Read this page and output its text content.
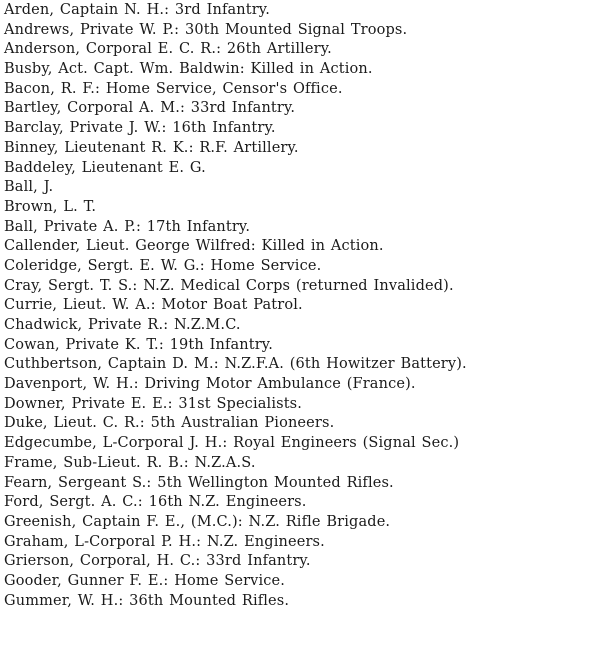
Arden, Captain N. H.: 3rd Infantry.
Andrews, Private W. P.: 30th Mounted Signal Troops.
Anderson, Corporal E. C. R.: 26th Artillery.
Busby, Act. Capt. Wm. Baldwin: Killed in Action.
Bacon, R. F.: Home Service, Censor's Office.
Bartley, Corporal A. M.: 33rd Infantry.
Barclay, Private J. W.: 16th Infantry.
Binney, Lieutenant R. K.: R.F. Artillery.
Baddeley, Lieutenant E. G.
Ball, J.
Brown, L. T.
Ball, Private A. P.: 17th Infantry.
Callender, Lieut. George Wilfred: Killed in Action.
Coleridge, Sergt. E. W. G.: Home Service.
Cray, Sergt. T. S.: N.Z. Medical Corps (returned Invalided).
Currie, Lieut. W. A.: Motor Boat Patrol.
Chadwick, Private R.: N.Z.M.C.
Cowan, Private K. T.: 19th Infantry.
Cuthbertson, Captain D. M.: N.Z.F.A. (6th Howitzer Battery).
Davenport, W. H.: Driving Motor Ambulance (France).
Downer, Private E. E.: 31st Specialists.
Duke, Lieut. C. R.: 5th Australian Pioneers.
Edgecumbe, L-Corporal J. H.: Royal Engineers (Signal Sec.)
Frame, Sub-Lieut. R. B.: N.Z.A.S.
Fearn, Sergeant S.: 5th Wellington Mounted Rifles.
Ford, Sergt. A. C.: 16th N.Z. Engineers.
Greenish, Captain F. E., (M.C.): N.Z. Rifle Brigade.
Graham, L-Corporal P. H.: N.Z. Engineers.
Grierson, Corporal, H. C.: 33rd Infantry.
Gooder, Gunner F. E.: Home Service.
Gummer, W. H.: 36th Mounted Rifles.
